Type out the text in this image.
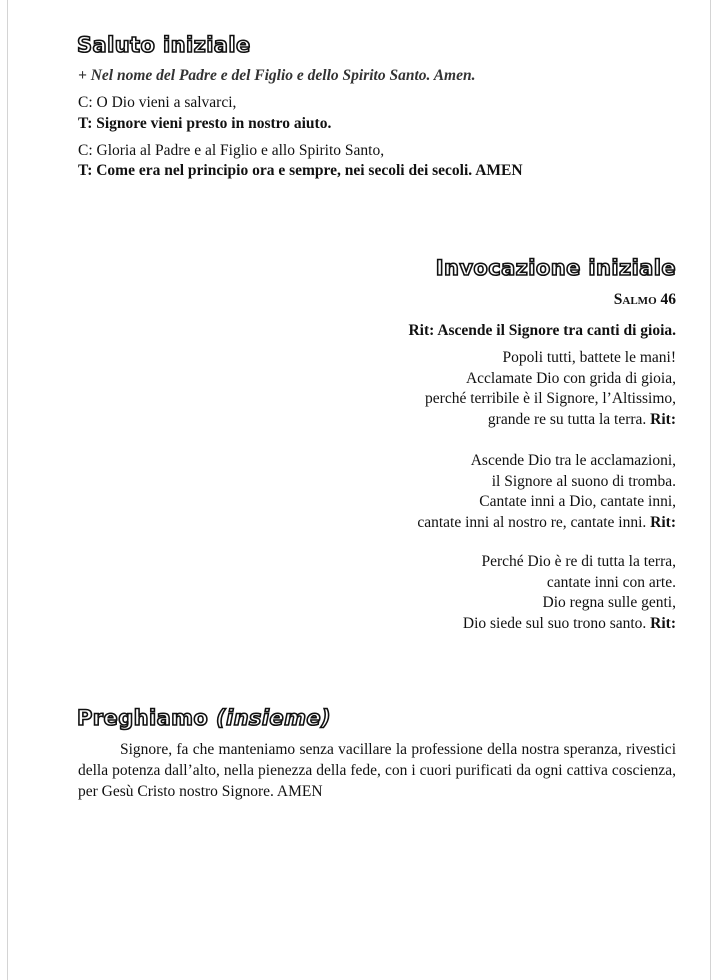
Saluto iniziale
+ Nel nome del Padre e del Figlio e dello Spirito Santo. Amen.
C: O Dio vieni a salvarci,
T: Signore vieni presto in nostro aiuto.
C: Gloria al Padre e al Figlio e allo Spirito Santo,
T: Come era nel principio ora e sempre, nei secoli dei secoli. AMEN
Invocazione iniziale
Salmo 46
Rit: Ascende il Signore tra canti di gioia.
Popoli tutti, battete le mani!
Acclamate Dio con grida di gioia,
perché terribile è il Signore, l’Altissimo,
grande re su tutta la terra. Rit:
Ascende Dio tra le acclamazioni,
il Signore al suono di tromba.
Cantate inni a Dio, cantate inni,
cantate inni al nostro re, cantate inni. Rit:
Perché Dio è re di tutta la terra,
cantate inni con arte.
Dio regna sulle genti,
Dio siede sul suo trono santo. Rit:
Preghiamo (insieme)
Signore, fa che manteniamo senza vacillare la professione della nostra speranza, rivestici della potenza dall’alto, nella pienezza della fede, con i cuori purificati da ogni cattiva coscienza, per Gesù Cristo nostro Signore. AMEN
